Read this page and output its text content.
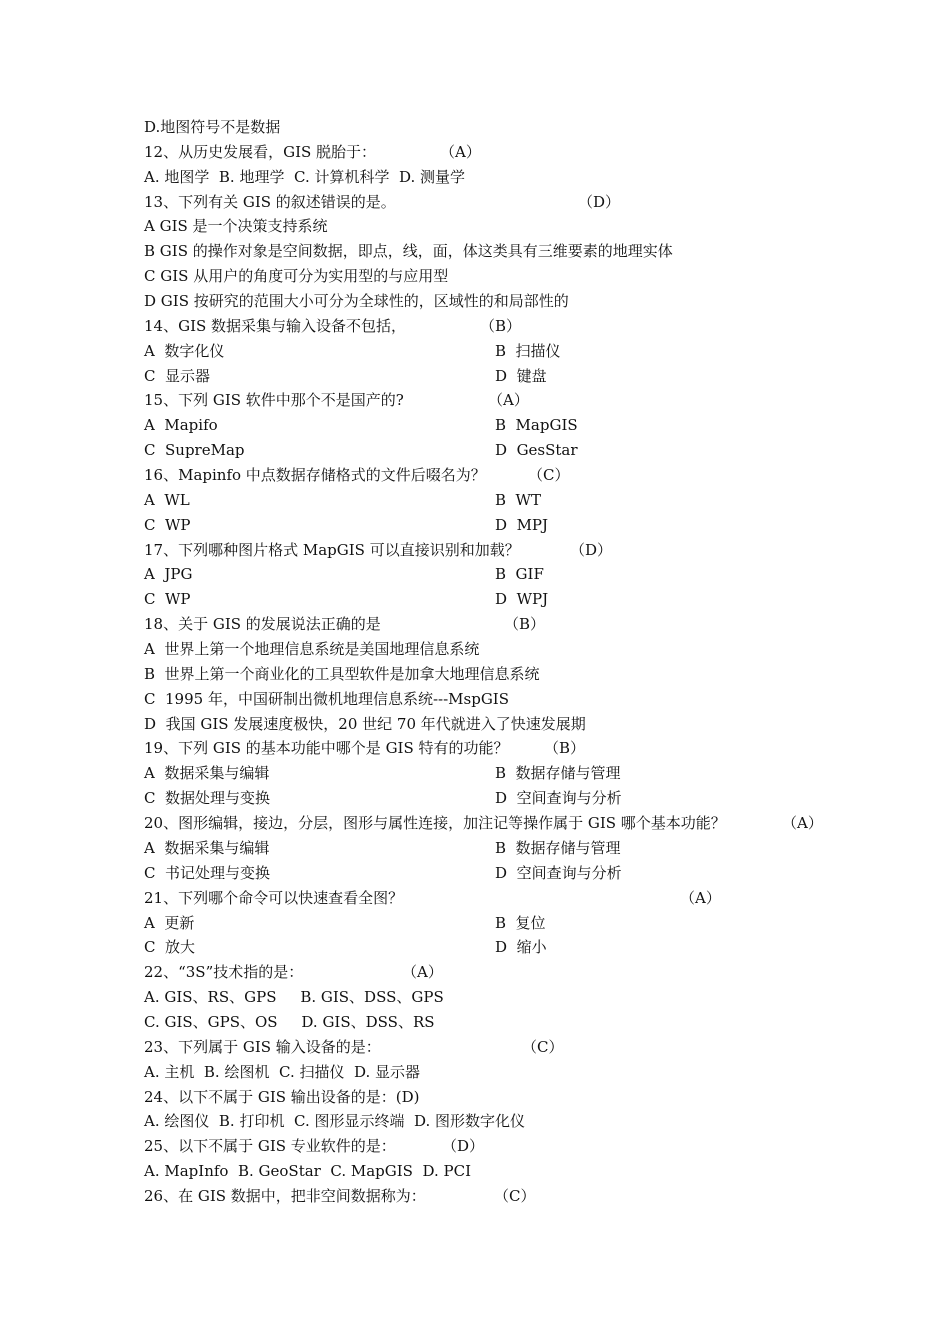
D.地图符号不是数据
12、从历史发展看，GIS 脱胎于：	（A）
A. 地图学  B. 地理学  C. 计算机科学  D. 测量学
13、下列有关 GIS 的叙述错误的是。	（D）
A GIS 是一个决策支持系统
B GIS 的操作对象是空间数据，即点，线，面，体这类具有三维要素的地理实体
C GIS 从用户的角度可分为实用型的与应用型
D GIS 按研究的范围大小可分为全球性的，区域性的和局部性的
14、GIS 数据采集与输入设备不包括，	（B）
A  数字化仪	B  扫描仪
C  显示器	D  键盘
15、下列 GIS 软件中那个不是国产的?	（A）
A  Mapifo	B  MapGIS
C  SupreMap	D  GesStar
16、Mapinfo 中点数据存储格式的文件后啜名为？	（C）
A  WL	B  WT
C  WP	D  MPJ
17、下列哪种图片格式 MapGIS 可以直接识别和加载？	（D）
A  JPG	B  GIF
C  WP	D  WPJ
18、关于 GIS 的发展说法正确的是	（B）
A  世界上第一个地理信息系统是美国地理信息系统
B  世界上第一个商业化的工具型软件是加拿大地理信息系统
C  1995 年，中国研制出微机地理信息系统---MspGIS
D  我国 GIS 发展速度极快，20 世纪 70 年代就进入了快速发展期
19、下列 GIS 的基本功能中哪个是 GIS 特有的功能？ （B）
A  数据采集与编辑	B  数据存储与管理
C  数据处理与变换	D  空间查询与分析
20、图形编辑，接边，分层，图形与属性连接，加注记等操作属于 GIS 哪个基本功能？	（A）
A  数据采集与编辑	B  数据存储与管理
C  书记处理与变换	D  空间查询与分析
21、下列哪个命令可以快速查看全图？	（A）
A  更新	B  复位
C  放大	D  缩小
22、“3S”技术指的是：	（A）
A. GIS、RS、GPS     B. GIS、DSS、GPS
C. GIS、GPS、OS     D. GIS、DSS、RS
23、下列属于 GIS 输入设备的是：	（C）
A. 主机  B. 绘图机  C. 扫描仪  D. 显示器
24、以下不属于 GIS 输出设备的是：(D)
A. 绘图仪  B. 打印机  C. 图形显示终端  D. 图形数字化仪
25、以下不属于 GIS 专业软件的是：	（D）
A. MapInfo  B. GeoStar  C. MapGIS  D. PCI
26、在 GIS 数据中，把非空间数据称为：	（C）
